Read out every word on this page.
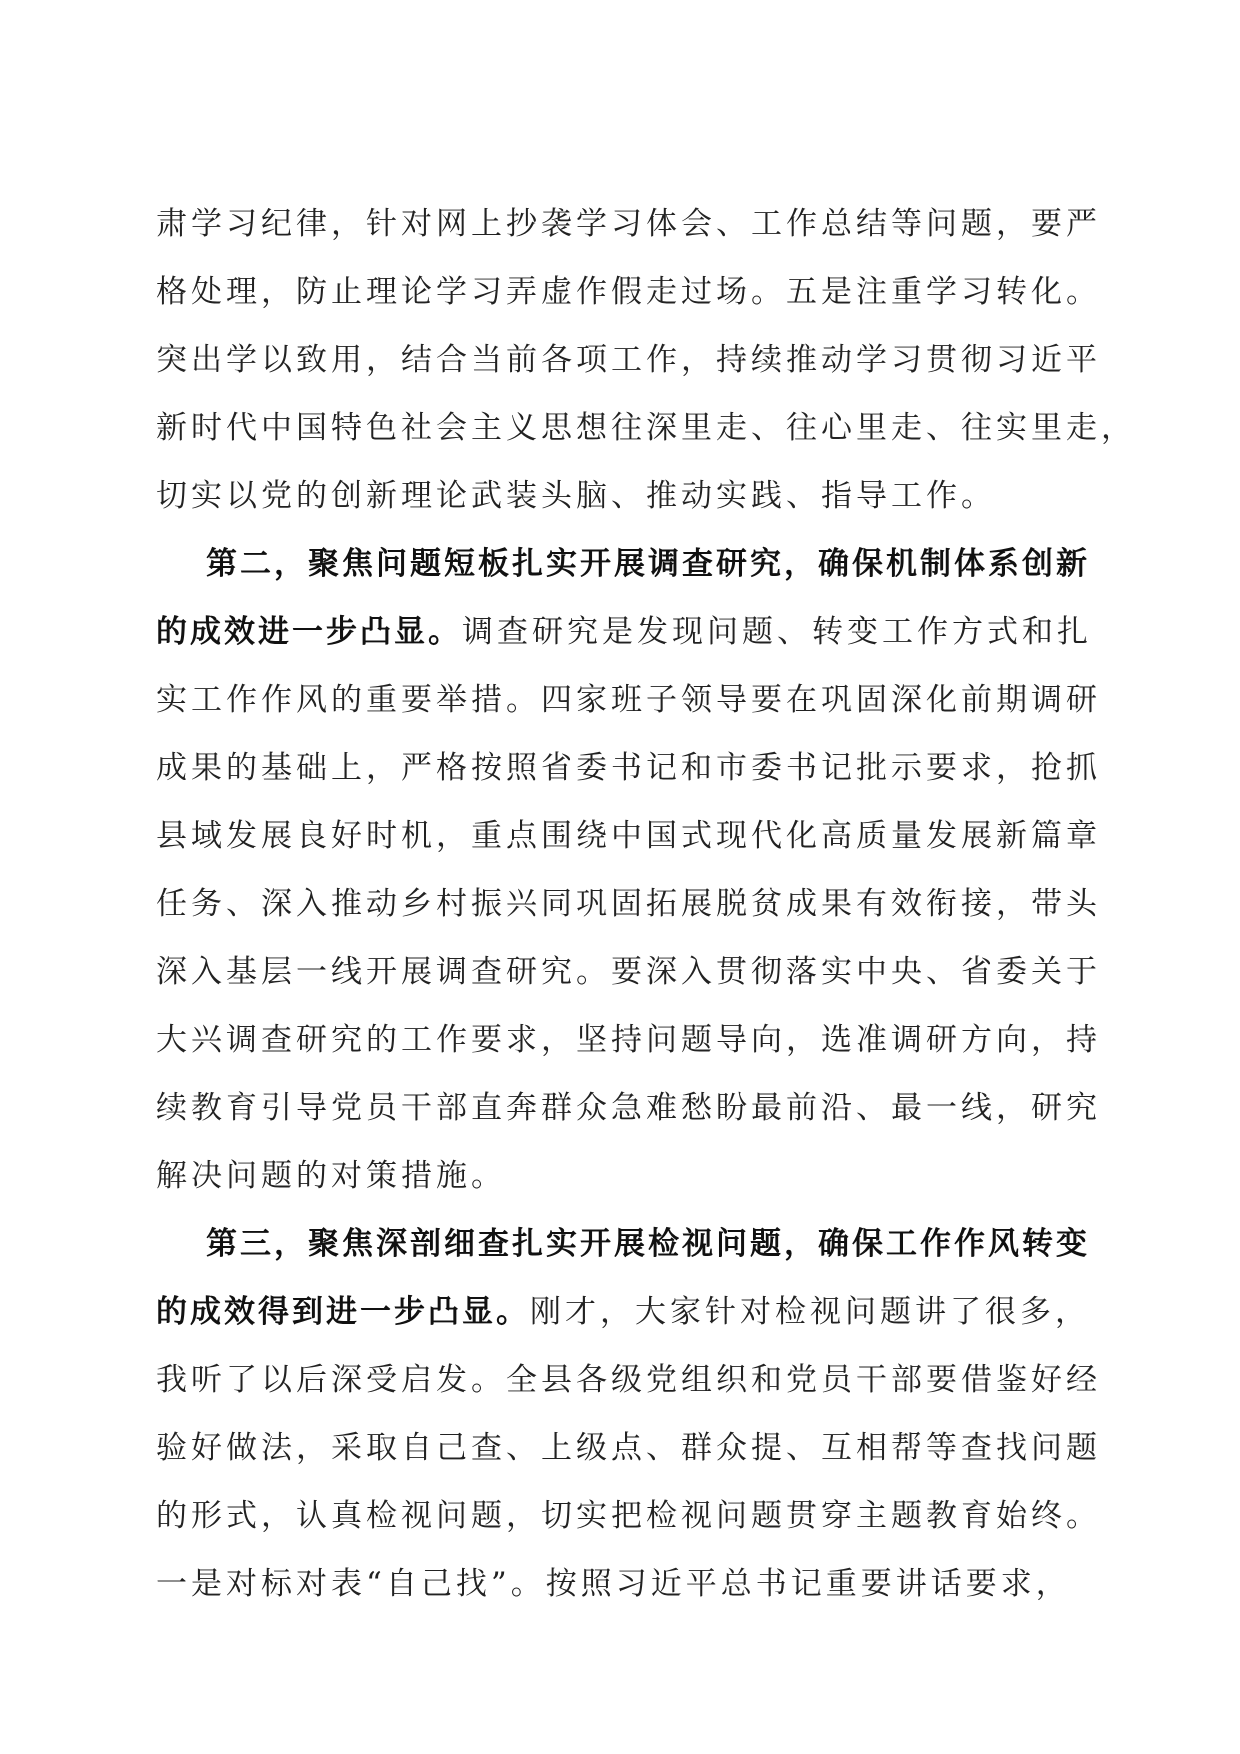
肃学习纪律，针对网上抄袭学习体会、工作总结等问题，要严
格处理，防止理论学习弄虚作假走过场。五是注重学习转化。
突出学以致用，结合当前各项工作，持续推动学习贯彻习近平
新时代中国特色社会主义思想往深里走、往心里走、往实里走，
切实以党的创新理论武装头脑、推动实践、指导工作。
第二，聚焦问题短板扎实开展调查研究，确保机制体系创新
的成效进一步凸显。调查研究是发现问题、转变工作方式和扎
实工作作风的重要举措。四家班子领导要在巩固深化前期调研
成果的基础上，严格按照省委书记和市委书记批示要求，抢抓
县域发展良好时机，重点围绕中国式现代化高质量发展新篇章
任务、深入推动乡村振兴同巩固拓展脱贫成果有效衔接，带头
深入基层一线开展调查研究。要深入贯彻落实中央、省委关于
大兴调查研究的工作要求，坚持问题导向，选准调研方向，持
续教育引导党员干部直奔群众急难愁盼最前沿、最一线，研究
解决问题的对策措施。
第三，聚焦深剖细查扎实开展检视问题，确保工作作风转变
的成效得到进一步凸显。刚才，大家针对检视问题讲了很多，
我听了以后深受启发。全县各级党组织和党员干部要借鉴好经
验好做法，采取自己查、上级点、群众提、互相帮等查找问题
的形式，认真检视问题，切实把检视问题贯穿主题教育始终。
一是对标对表“自己找”。按照习近平总书记重要讲话要求，
